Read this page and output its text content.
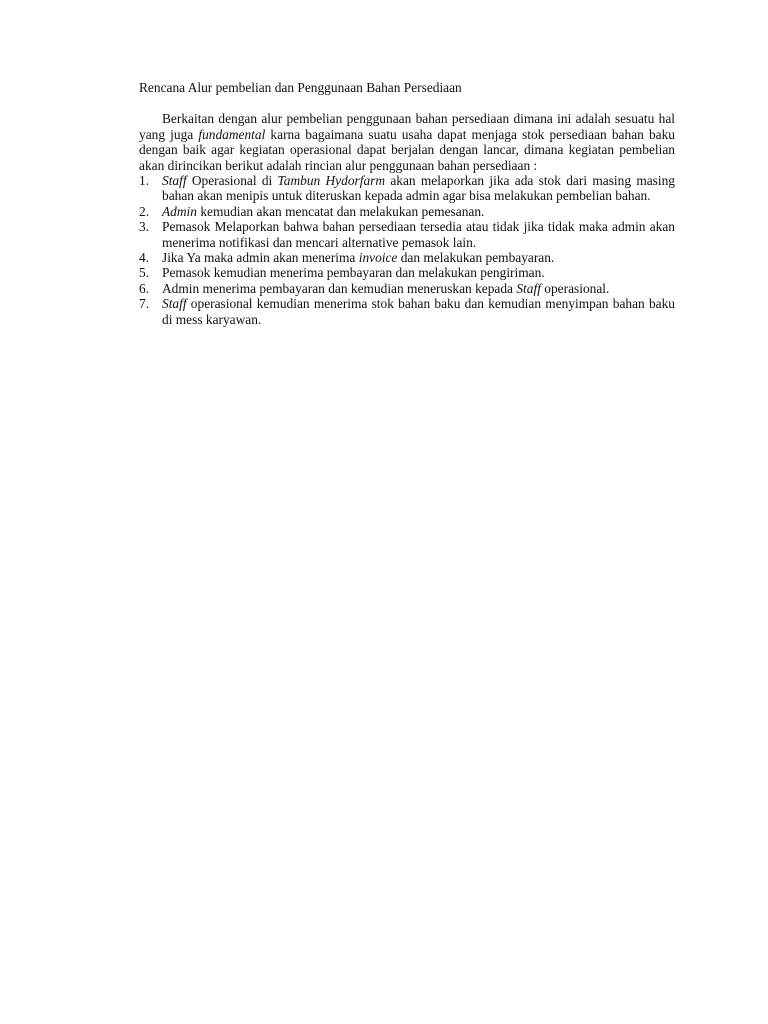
Rencana Alur pembelian dan Penggunaan Bahan Persediaan

Berkaitan dengan alur pembelian penggunaan bahan persediaan dimana ini adalah sesuatu hal yang juga fundamental karna bagaimana suatu usaha dapat menjaga stok persediaan bahan baku dengan baik agar kegiatan operasional dapat berjalan dengan lancar, dimana kegiatan pembelian akan dirincikan berikut adalah rincian alur penggunaan bahan persediaan :

1. Staff Operasional di Tambun Hydorfarm akan melaporkan jika ada stok dari masing masing bahan akan menipis untuk diteruskan kepada admin agar bisa melakukan pembelian bahan.
2. Admin kemudian akan mencatat dan melakukan pemesanan.
3. Pemasok Melaporkan bahwa bahan persediaan tersedia atau tidak jika tidak maka admin akan menerima notifikasi dan mencari alternative pemasok lain.
4. Jika Ya maka admin akan menerima invoice dan melakukan pembayaran.
5. Pemasok kemudian menerima pembayaran dan melakukan pengiriman.
6. Admin menerima pembayaran dan kemudian meneruskan kepada Staff operasional.
7. Staff operasional kemudian menerima stok bahan baku dan kemudian menyimpan bahan baku di mess karyawan.
